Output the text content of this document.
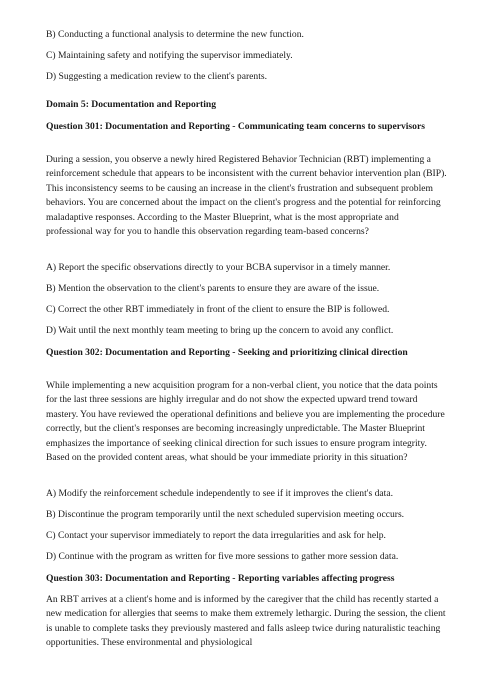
B) Conducting a functional analysis to determine the new function.
C) Maintaining safety and notifying the supervisor immediately.
D) Suggesting a medication review to the client's parents.
Domain 5: Documentation and Reporting
Question 301: Documentation and Reporting - Communicating team concerns to supervisors
During a session, you observe a newly hired Registered Behavior Technician (RBT) implementing a reinforcement schedule that appears to be inconsistent with the current behavior intervention plan (BIP). This inconsistency seems to be causing an increase in the client's frustration and subsequent problem behaviors. You are concerned about the impact on the client's progress and the potential for reinforcing maladaptive responses. According to the Master Blueprint, what is the most appropriate and professional way for you to handle this observation regarding team-based concerns?
A) Report the specific observations directly to your BCBA supervisor in a timely manner.
B) Mention the observation to the client's parents to ensure they are aware of the issue.
C) Correct the other RBT immediately in front of the client to ensure the BIP is followed.
D) Wait until the next monthly team meeting to bring up the concern to avoid any conflict.
Question 302: Documentation and Reporting - Seeking and prioritizing clinical direction
While implementing a new acquisition program for a non-verbal client, you notice that the data points for the last three sessions are highly irregular and do not show the expected upward trend toward mastery. You have reviewed the operational definitions and believe you are implementing the procedure correctly, but the client's responses are becoming increasingly unpredictable. The Master Blueprint emphasizes the importance of seeking clinical direction for such issues to ensure program integrity. Based on the provided content areas, what should be your immediate priority in this situation?
A) Modify the reinforcement schedule independently to see if it improves the client's data.
B) Discontinue the program temporarily until the next scheduled supervision meeting occurs.
C) Contact your supervisor immediately to report the data irregularities and ask for help.
D) Continue with the program as written for five more sessions to gather more session data.
Question 303: Documentation and Reporting - Reporting variables affecting progress
An RBT arrives at a client's home and is informed by the caregiver that the child has recently started a new medication for allergies that seems to make them extremely lethargic. During the session, the client is unable to complete tasks they previously mastered and falls asleep twice during naturalistic teaching opportunities. These environmental and physiological
